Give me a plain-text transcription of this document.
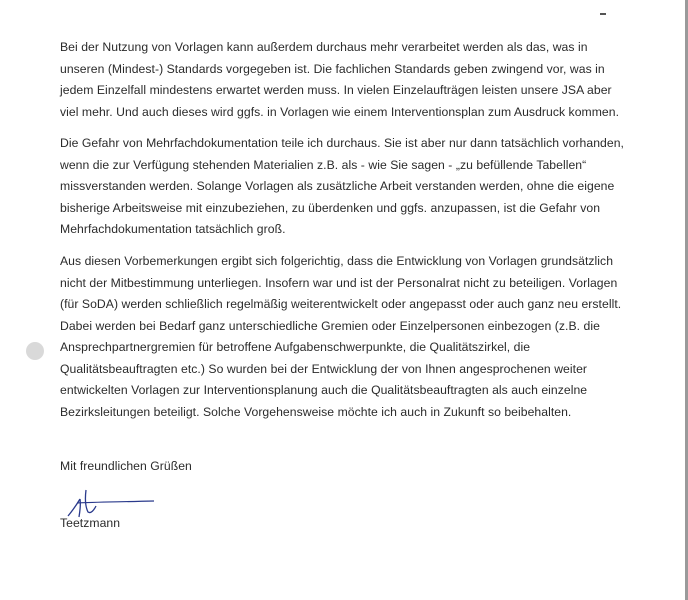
Bei der Nutzung von Vorlagen kann außerdem durchaus mehr verarbeitet werden als das, was in
unseren (Mindest-) Standards vorgegeben ist. Die fachlichen Standards geben zwingend vor, was in
jedem Einzelfall mindestens erwartet werden muss. In vielen Einzelaufträgen leisten unsere JSA aber
viel mehr. Und auch dieses wird ggfs. in Vorlagen wie einem Interventionsplan zum Ausdruck kommen.
Die Gefahr von Mehrfachdokumentation teile ich durchaus. Sie ist aber nur dann tatsächlich vorhanden,
wenn die zur Verfügung stehenden Materialien z.B. als - wie Sie sagen - „zu befüllende Tabellen“
missverstanden werden. Solange Vorlagen als zusätzliche Arbeit verstanden werden, ohne die eigene
bisherige Arbeitsweise mit einzubeziehen, zu überdenken und ggfs. anzupassen, ist die Gefahr von
Mehrfachdokumentation tatsächlich groß.
Aus diesen Vorbemerkungen ergibt sich folgerichtig, dass die Entwicklung von Vorlagen grundsätzlich
nicht der Mitbestimmung unterliegen. Insofern war und ist der Personalrat nicht zu beteiligen. Vorlagen
(für SoDA) werden schließlich regelmäßig weiterentwickelt oder angepasst oder auch ganz neu erstellt.
Dabei werden bei Bedarf ganz unterschiedliche Gremien oder Einzelpersonen einbezogen (z.B. die
Ansprechpartnergremien für betroffene Aufgabenschwerpunkte, die Qualitätszirkel, die
Qualitätsbeauftragten etc.) So wurden bei der Entwicklung der von Ihnen angesprochenen weiter
entwickelten Vorlagen zur Interventionsplanung auch die Qualitätsbeauftragten als auch einzelne
Bezirksleitungen beteiligt. Solche Vorgehensweise möchte ich auch in Zukunft so beibehalten.
Mit freundlichen Grüßen
Teetzmann
